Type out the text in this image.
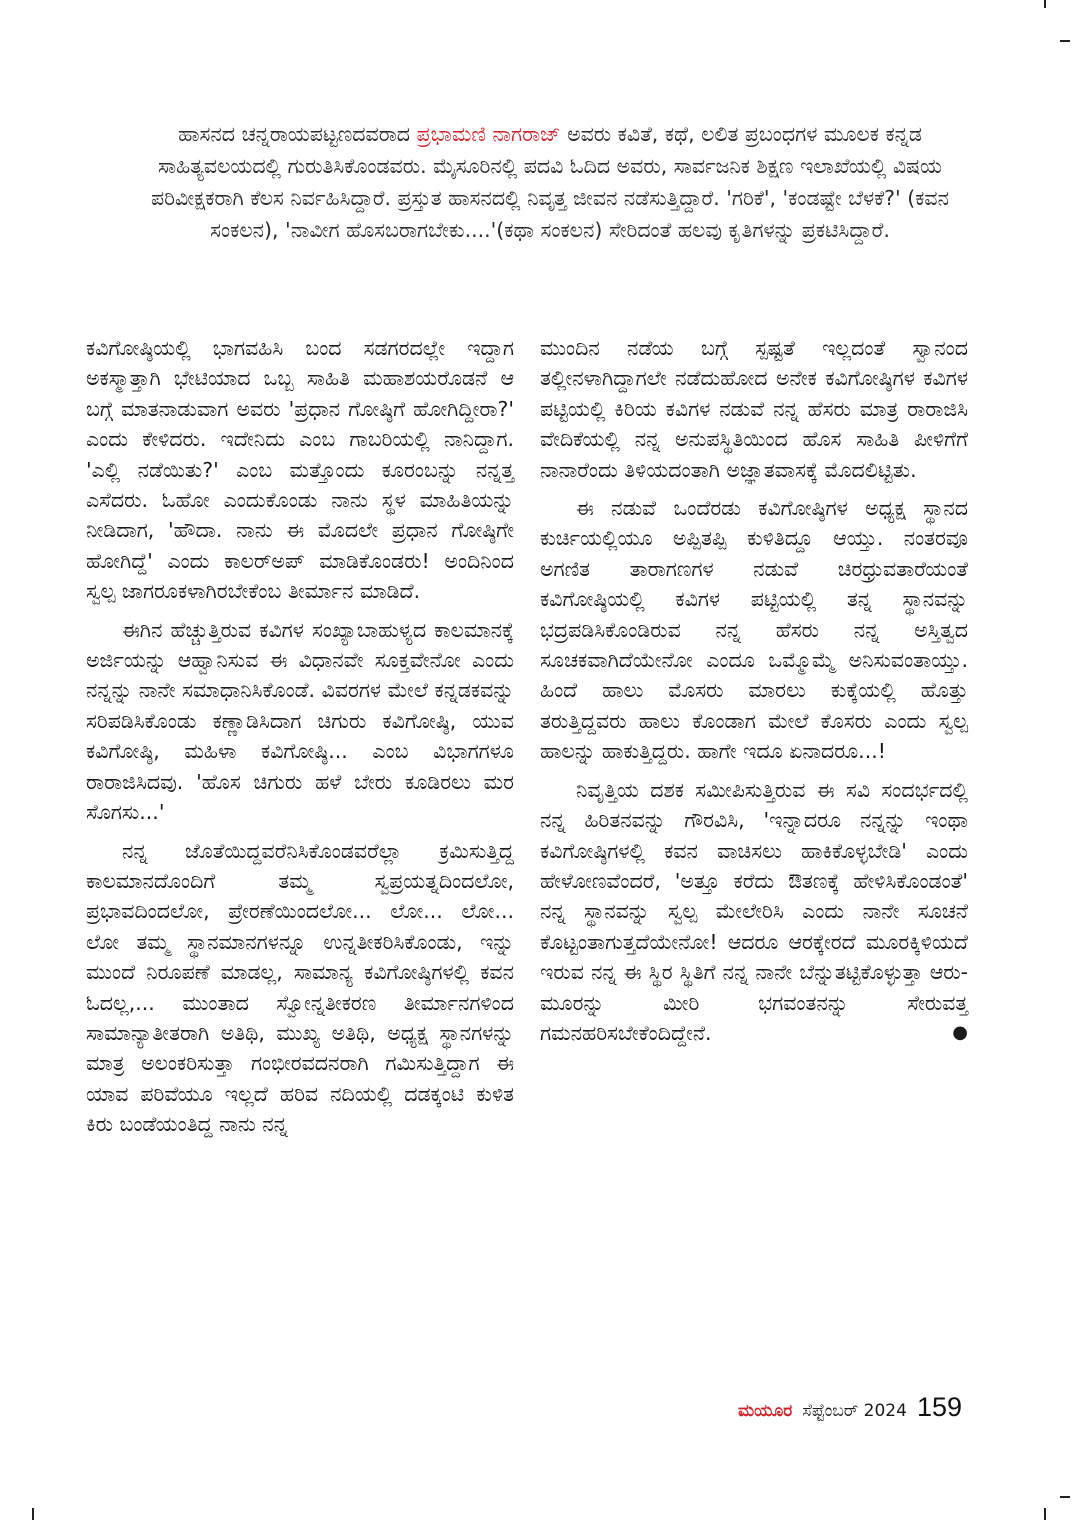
ಹಾಸನದ ಚನ್ನರಾಯಪಟ್ಟಣದವರಾದ ಪ್ರಭಾಮಣಿ ನಾಗರಾಜ್ ಅವರು ಕವಿತೆ, ಕಥೆ, ಲಲಿತ ಪ್ರಬಂಧಗಳ ಮೂಲಕ ಕನ್ನಡ ಸಾಹಿತ್ಯವಲಯದಲ್ಲಿ ಗುರುತಿಸಿಕೊಂಡವರು. ಮೈಸೂರಿನಲ್ಲಿ ಪದವಿ ಓದಿದ ಅವರು, ಸಾರ್ವಜನಿಕ ಶಿಕ್ಷಣ ಇಲಾಖೆಯಲ್ಲಿ ವಿಷಯ ಪರಿವೀಕ್ಷಕರಾಗಿ ಕೆಲಸ ನಿರ್ವಹಿಸಿದ್ದಾರೆ. ಪ್ರಸ್ತುತ ಹಾಸನದಲ್ಲಿ ನಿವೃತ್ತ ಜೀವನ ನಡೆಸುತ್ತಿದ್ದಾರೆ. 'ಗರಿಕೆ', 'ಕಂಡಷ್ಟೇ ಬೆಳಕೆ?' (ಕವನ ಸಂಕಲನ), 'ನಾವೀಗ ಹೊಸಬರಾಗಬೇಕು....'(ಕಥಾ ಸಂಕಲನ) ಸೇರಿದಂತೆ ಹಲವು ಕೃತಿಗಳನ್ನು ಪ್ರಕಟಿಸಿದ್ದಾರೆ.

ಕವಿಗೋಷ್ಠಿಯಲ್ಲಿ ಭಾಗವಹಿಸಿ ಬಂದ ಸಡಗರದಲ್ಲೇ ಇದ್ದಾಗ ಅಕಸ್ಮಾತ್ತಾಗಿ ಭೇಟಿಯಾದ ಒಬ್ಬ ಸಾಹಿತಿ ಮಹಾಶಯರೊಡನೆ ಆ ಬಗ್ಗೆ ಮಾತನಾಡುವಾಗ ಅವರು 'ಪ್ರಧಾನ ಗೋಷ್ಠಿಗೆ ಹೋಗಿದ್ದೀರಾ?' ಎಂದು ಕೇಳಿದರು. ಇದೇನಿದು ಎಂಬ ಗಾಬರಿಯಲ್ಲಿ ನಾನಿದ್ದಾಗ. 'ಎಲ್ಲಿ ನಡೆಯಿತು?' ಎಂಬ ಮತ್ತೊಂದು ಕೂರಂಬನ್ನು ನನ್ನತ್ತ ಎಸೆದರು. ಓಹೋ ಎಂದುಕೊಂಡು ನಾನು ಸ್ಥಳ ಮಾಹಿತಿಯನ್ನು ನೀಡಿದಾಗ, 'ಹೌದಾ. ನಾನು ಈ ಮೊದಲೇ ಪ್ರಧಾನ ಗೋಷ್ಠಿಗೇ ಹೋಗಿದ್ದೆ' ಎಂದು ಕಾಲರ್‌ಅಪ್ ಮಾಡಿಕೊಂಡರು! ಅಂದಿನಿಂದ ಸ್ವಲ್ಪ ಜಾಗರೂಕಳಾಗಿರಬೇಕೆಂಬ ತೀರ್ಮಾನ ಮಾಡಿದೆ.

ಈಗಿನ ಹೆಚ್ಚುತ್ತಿರುವ ಕವಿಗಳ ಸಂಖ್ಯಾಬಾಹುಳ್ಯದ ಕಾಲಮಾನಕ್ಕೆ ಅರ್ಜಿಯನ್ನು ಆಹ್ವಾನಿಸುವ ಈ ವಿಧಾನವೇ ಸೂಕ್ತವೇನೋ ಎಂದು ನನ್ನನ್ನು ನಾನೇ ಸಮಾಧಾನಿಸಿಕೊಂಡೆ. ವಿವರಗಳ ಮೇಲೆ ಕನ್ನಡಕವನ್ನು ಸರಿಪಡಿಸಿಕೊಂಡು ಕಣ್ಣಾಡಿಸಿದಾಗ ಚಿಗುರು ಕವಿಗೋಷ್ಠಿ, ಯುವ ಕವಿಗೋಷ್ಠಿ, ಮಹಿಳಾ ಕವಿಗೋಷ್ಠಿ... ಎಂಬ ವಿಭಾಗಗಳೂ ರಾರಾಜಿಸಿದವು. 'ಹೊಸ ಚಿಗುರು ಹಳೆ ಬೇರು ಕೂಡಿರಲು ಮರ ಸೊಗಸು...'

ನನ್ನ ಜೊತೆಯಿದ್ದವರೆನಿಸಿಕೊಂಡವರೆಲ್ಲಾ ಕ್ರಮಿಸುತ್ತಿದ್ದ ಕಾಲಮಾನದೊಂದಿಗೆ ತಮ್ಮ ಸ್ವಪ್ರಯತ್ನದಿಂದಲೋ, ಪ್ರಭಾವದಿಂದಲೋ, ಪ್ರೇರಣೆಯಿಂದಲೋ... ಲೋ... ಲೋ... ಲೋ ತಮ್ಮ ಸ್ಥಾನಮಾನಗಳನ್ನೂ ಉನ್ನತೀಕರಿಸಿಕೊಂಡು, ಇನ್ನು ಮುಂದೆ ನಿರೂಪಣೆ ಮಾಡಲ್ಲ, ಸಾಮಾನ್ಯ ಕವಿಗೋಷ್ಠಿಗಳಲ್ಲಿ ಕವನ ಓದಲ್ಲ,... ಮುಂತಾದ ಸ್ವೋನ್ನತೀಕರಣ ತೀರ್ಮಾನಗಳಿಂದ ಸಾಮಾನ್ಯಾತೀತರಾಗಿ ಅತಿಥಿ, ಮುಖ್ಯ ಅತಿಥಿ, ಅಧ್ಯಕ್ಷ ಸ್ಥಾನಗಳನ್ನು ಮಾತ್ರ ಅಲಂಕರಿಸುತ್ತಾ ಗಂಭೀರವದನರಾಗಿ ಗಮಿಸುತ್ತಿದ್ದಾಗ ಈ ಯಾವ ಪರಿವೆಯೂ ಇಲ್ಲದೆ ಹರಿವ ನದಿಯಲ್ಲಿ ದಡಕ್ಕಂಟಿ ಕುಳಿತ ಕಿರು ಬಂಡೆಯಂತಿದ್ದ ನಾನು ನನ್ನ

ಮುಂದಿನ ನಡೆಯ ಬಗ್ಗೆ ಸ್ಪಷ್ಟತೆ ಇಲ್ಲದಂತೆ ಸ್ವಾನಂದ ತಲ್ಲೀನಳಾಗಿದ್ದಾಗಲೇ ನಡೆದುಹೋದ ಅನೇಕ ಕವಿಗೋಷ್ಠಿಗಳ ಕವಿಗಳ ಪಟ್ಟಿಯಲ್ಲಿ ಕಿರಿಯ ಕವಿಗಳ ನಡುವೆ ನನ್ನ ಹೆಸರು ಮಾತ್ರ ರಾರಾಜಿಸಿ ವೇದಿಕೆಯಲ್ಲಿ ನನ್ನ ಅನುಪಸ್ಥಿತಿಯಿಂದ ಹೊಸ ಸಾಹಿತಿ ಪೀಳಿಗೆಗೆ ನಾನಾರೆಂದು ತಿಳಿಯದಂತಾಗಿ ಅಜ್ಞಾತವಾಸಕ್ಕೆ ಮೊದಲಿಟ್ಟಿತು.

ಈ ನಡುವೆ ಒಂದೆರಡು ಕವಿಗೋಷ್ಠಿಗಳ ಅಧ್ಯಕ್ಷ ಸ್ಥಾನದ ಕುರ್ಚಿಯಲ್ಲಿಯೂ ಅಪ್ಪಿತಪ್ಪಿ ಕುಳಿತಿದ್ದೂ ಆಯ್ತು. ನಂತರವೂ ಅಗಣಿತ ತಾರಾಗಣಗಳ ನಡುವೆ ಚಿರಧ್ರುವತಾರೆಯಂತೆ ಕವಿಗೋಷ್ಠಿಯಲ್ಲಿ ಕವಿಗಳ ಪಟ್ಟಿಯಲ್ಲಿ ತನ್ನ ಸ್ಥಾನವನ್ನು ಭದ್ರಪಡಿಸಿಕೊಂಡಿರುವ ನನ್ನ ಹೆಸರು ನನ್ನ ಅಸ್ತಿತ್ವದ ಸೂಚಕವಾಗಿದೆಯೇನೋ ಎಂದೂ ಒಮ್ಮೊಮ್ಮೆ ಅನಿಸುವಂತಾಯ್ತು. ಹಿಂದೆ ಹಾಲು ಮೊಸರು ಮಾರಲು ಕುಕ್ಕೆಯಲ್ಲಿ ಹೊತ್ತು ತರುತ್ತಿದ್ದವರು ಹಾಲು ಕೊಂಡಾಗ ಮೇಲೆ ಕೊಸರು ಎಂದು ಸ್ವಲ್ಪ ಹಾಲನ್ನು ಹಾಕುತ್ತಿದ್ದರು. ಹಾಗೇ ಇದೂ ಏನಾದರೂ...!

ನಿವೃತ್ತಿಯ ದಶಕ ಸಮೀಪಿಸುತ್ತಿರುವ ಈ ಸವಿ ಸಂದರ್ಭದಲ್ಲಿ ನನ್ನ ಹಿರಿತನವನ್ನು ಗೌರವಿಸಿ, 'ಇನ್ನಾದರೂ ನನ್ನನ್ನು ಇಂಥಾ ಕವಿಗೋಷ್ಠಿಗಳಲ್ಲಿ ಕವನ ವಾಚಿಸಲು ಹಾಕಿಕೊಳ್ಳಬೇಡಿ' ಎಂದು ಹೇಳೋಣವೆಂದರೆ, 'ಅತ್ತೂ ಕರೆದು ಔತಣಕ್ಕೆ ಹೇಳಿಸಿಕೊಂಡಂತೆ' ನನ್ನ ಸ್ಥಾನವನ್ನು ಸ್ವಲ್ಪ ಮೇಲೇರಿಸಿ ಎಂದು ನಾನೇ ಸೂಚನೆ ಕೊಟ್ಟಂತಾಗುತ್ತದೆಯೇನೋ! ಆದರೂ ಆರಕ್ಕೇರದೆ ಮೂರಕ್ಕಿಳಿಯದೆ ಇರುವ ನನ್ನ ಈ ಸ್ಥಿರ ಸ್ಥಿತಿಗೆ ನನ್ನ ನಾನೇ ಬೆನ್ನುತಟ್ಟಿಕೊಳ್ಳುತ್ತಾ ಆರು-ಮೂರನ್ನು ಮೀರಿ ಭಗವಂತನನ್ನು ಸೇರುವತ್ತ ಗಮನಹರಿಸಬೇಕೆಂದಿದ್ದೇನೆ.	●

ಮಯೂರ ಸೆಪ್ಟೆಂಬರ್ 2024 159
